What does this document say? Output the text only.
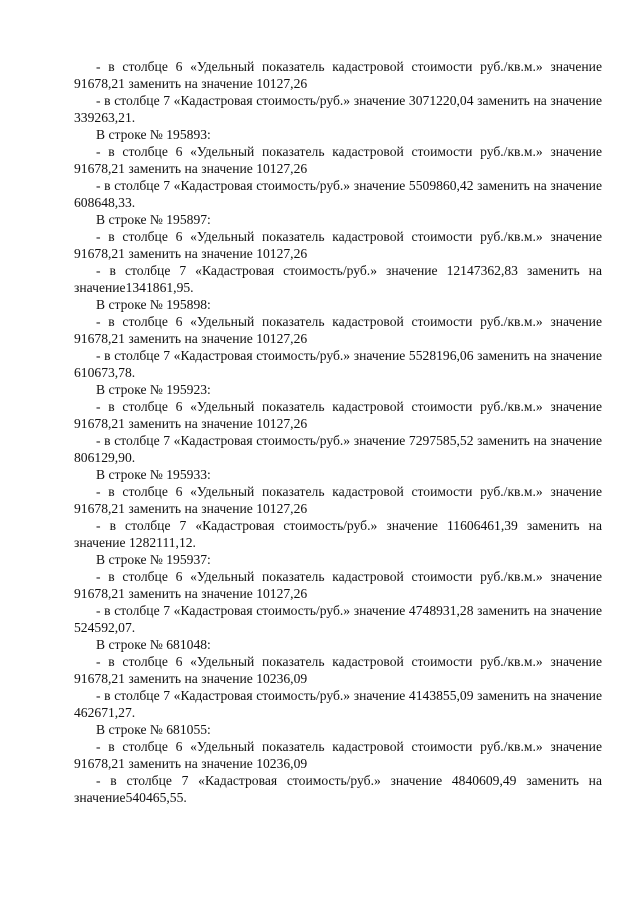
- в столбце 6 «Удельный показатель кадастровой стоимости руб./кв.м.» значение 91678,21 заменить на значение 10127,26

- в столбце 7 «Кадастровая стоимость/руб.» значение 3071220,04 заменить на значение 339263,21.

В строке № 195893:

- в столбце 6 «Удельный показатель кадастровой стоимости руб./кв.м.» значение 91678,21 заменить на значение 10127,26

- в столбце 7 «Кадастровая стоимость/руб.» значение 5509860,42 заменить на значение 608648,33.

В строке № 195897:

- в столбце 6 «Удельный показатель кадастровой стоимости руб./кв.м.» значение 91678,21 заменить на значение 10127,26

- в столбце 7 «Кадастровая стоимость/руб.» значение 12147362,83 заменить на значение1341861,95.

В строке № 195898:

- в столбце 6 «Удельный показатель кадастровой стоимости руб./кв.м.» значение 91678,21 заменить на значение 10127,26

- в столбце 7 «Кадастровая стоимость/руб.» значение 5528196,06 заменить на значение 610673,78.

В строке № 195923:

- в столбце 6 «Удельный показатель кадастровой стоимости руб./кв.м.» значение 91678,21 заменить на значение 10127,26

- в столбце 7 «Кадастровая стоимость/руб.» значение 7297585,52 заменить на значение 806129,90.

В строке № 195933:

- в столбце 6 «Удельный показатель кадастровой стоимости руб./кв.м.» значение 91678,21 заменить на значение 10127,26

- в столбце 7 «Кадастровая стоимость/руб.» значение 11606461,39 заменить на значение 1282111,12.

В строке № 195937:

- в столбце 6 «Удельный показатель кадастровой стоимости руб./кв.м.» значение 91678,21 заменить на значение 10127,26

- в столбце 7 «Кадастровая стоимость/руб.» значение 4748931,28 заменить на значение 524592,07.

В строке № 681048:

- в столбце 6 «Удельный показатель кадастровой стоимости руб./кв.м.» значение 91678,21 заменить на значение 10236,09

- в столбце 7 «Кадастровая стоимость/руб.» значение 4143855,09 заменить на значение 462671,27.

В строке № 681055:

- в столбце 6 «Удельный показатель кадастровой стоимости руб./кв.м.» значение 91678,21 заменить на значение 10236,09

- в столбце 7 «Кадастровая стоимость/руб.» значение 4840609,49 заменить на значение540465,55.
